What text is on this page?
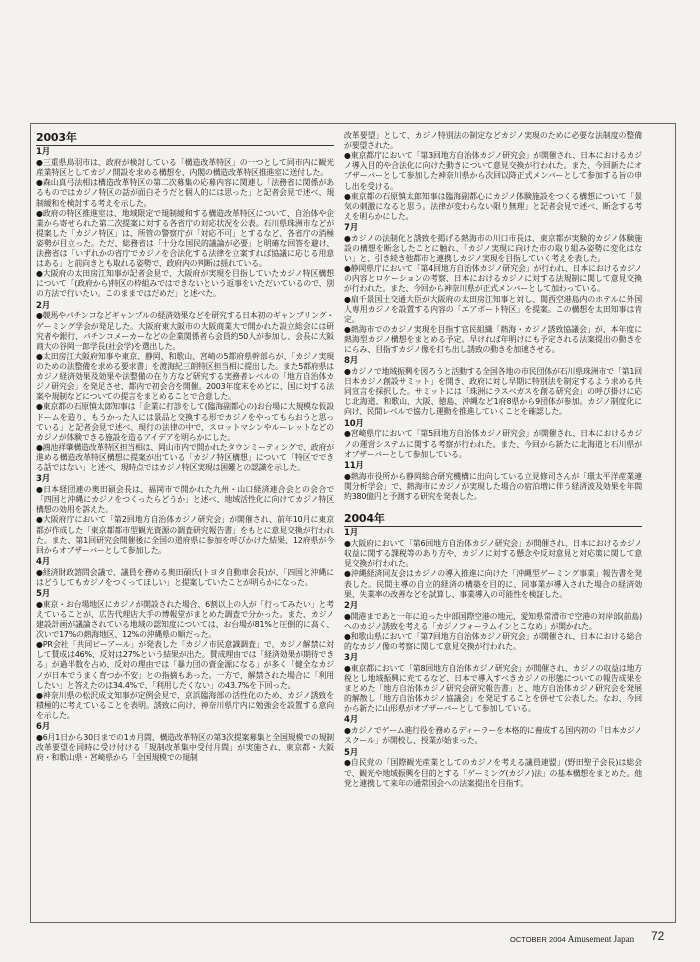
2003年
1月

●三重県鳥羽市は、政府が検討している「構造改革特区」の一つとして同市内に観光産業特区としてカジノ開設を求める構想を、内閣の構造改革特区推進室に送付した。

●森山真弓法相は構造改革特区の第二次募集の応募内容に関連し「法務省に関係があるものではカジノ特区の話が面白そうだと個人的には思った」と記者会見で述べ、規制緩和を検討する考えを示した。

●政府の特区推進室は、地域限定で規制緩和する構造改革特区について、自治体や企業から寄せられた第二次提案に対する各省庁の対応状況を公表。石川県珠洲市などが提案した「カジノ特区」は、所管の警察庁が「対応不可」とするなど、各省庁の消極姿勢が目立った。ただ、総務省は「十分な国民的議論が必要」と明確な回答を避け、法務省は「いずれかの省庁でカジノを合法化する法律を立案すれば協議に応じる用意はある」と前向きとも取れる姿勢で、政府内の判断は揺れている。

●大阪府の太田房江知事が記者会見で、大阪府が実現を目指していたカジノ特区構想について「(政府から)特区の枠組みではできないという返事をいただいているので、別の方法で行いたい。このままではだめだ」と述べた。

2月

●競馬やパチンコなどギャンブルの経済効果などを研究する日本初のギャンブリング・ゲーミング学会が発足した。大阪府東大阪市の大阪商業大で開かれた設立総会には研究者や銀行、パチンコメーカーなどの企業関係者ら会員約50人が参加し、会長に大阪商大の谷岡一郎学長(社会学)を選出した。

●太田房江大阪府知事や東京、静岡、和歌山、宮崎の5都府県幹部らが、「カジノ実現のための法整備を求める要求書」を渡海紀三朗特区担当相に提出した。また5都府県はカジノ経済効果及効果や法整備の在り方など研究する実務者レベルの「地方自治体カジノ研究会」を発足させ、都内で初会合を開催。2003年度末をめどに、国に対する法案や規制などについての提言をまとめることで合意した。

●東京都の石原慎太郎知事は「企業に打診をして(臨海副都心の)お台場に大規模な仮設ドームを造り、もうかった人には景品と交換する形でカジノをやってもらおうと思っている」と記者会見で述べ、現行の法律の中で、スロットマシンやルーレットなどのカジノが体験できる施設を造るアイデアを明らかにした。

●鴻池祥肇構造改革特区担当相は、岡山市内で開かれたタウンミーティングで、政府が進める構造改革特区構想に提案が出ている「カジノ特区構想」について「特区でできる話ではない」と述べ、現時点ではカジノ特区実現は困難との認識を示した。

3月

●日本経団連の奥田碩会長は、福岡市で開かれた九州・山口経済連合会との会合で「四国と沖縄にカジノをつくったらどうか」と述べ、地域活性化に向けてカジノ特区構想の効用を訴えた。

●大阪府庁において「第2回地方自治体カジノ研究会」が開催され、前年10月に東京都が作成した「東京都都市型観光資源の調査研究報告書」をもとに意見交換が行われた。また、第1回研究会開催後に全国の道府県に参加を呼びかけた結果、12府県が今回からオブザーバーとして参加した。

4月

●経済財政諮問会議で、議員を務める奥田碩氏(トヨタ自動車会長)が、「四国と沖縄にはどうしてもカジノをつくってほしい」と提案していたことが明らかになった。

5月

●東京・お台場地区にカジノが開設された場合、6割以上の人が「行ってみたい」と考えていることが、広告代理店大手の博報堂がまとめた調査で分かった。また、カジノ建設計画が議論されている地域の認知度については、お台場が81%と圧倒的に高く、次いで17%の熱海地区、12%の沖縄県の順だった。

●PR会社「共同ピーアール」が発表した「カジノ市民意識調査」で、カジノ解禁に対して賛成は46%、反対は27%という結果が出た。賛成理由では「経済効果が期待できる」が過半数を占め、反対の理由では「暴力団の資金源になる」が多く「健全なカジノが日本でうまく育つか不安」との指摘もあった。一方で、解禁された場合に「利用したい」と答えたのは34.4%で、「利用したくない」の43.7%を下回った。

●神奈川県の松沢成文知事が定例会見で、京浜臨海部の活性化のため、カジノ誘致を積極的に考えていることを表明。誘致に向け、神奈川県庁内に勉強会を設置する意向を示した。

6月

●6月1日から30日までの1カ月間、構造改革特区の第3次提案募集と全国規模での規制改革要望を同時に受け付ける「規制改革集中受付月間」が実施され、東京都・大阪府・和歌山県・宮崎県から「全国規模での規制

改革要望」として、カジノ特別法の制定などカジノ実現のために必要な法制度の整備が要望された。

●東京都庁において「第3回地方自治体カジノ研究会」が開催され、日本におけるカジノ導入目的や合法化に向けた動きについて意見交換が行われた。また、今回新たにオブザーバーとして参加した神奈川県から次回以降正式メンバーとして参加する旨の申し出を受ける。

●東京都の石原慎太郎知事は臨海副都心にカジノ体験施設をつくる構想について「景気の刺激になると思う。法律が変わらない限り無理」と記者会見で述べ、断念する考えを明らかにした。

7月

●カジノの法制化と誘致を掲げる熱海市の川口市長は、東京都が実験的カジノ体験施設の構想を断念したことに触れ、「カジノ実現に向けた市の取り組み姿勢に変化はない」と、引き続き他都市と連携しカジノ実現を目指していく考えを表した。

●静岡県庁において「第4回地方自治体カジノ研究会」が行われ、日本におけるカジノの内容とロケーションの考察、日本におけるカジノに対する法規制に関して意見交換が行われた。また、今回から神奈川県が正式メンバーとして加わっている。

●扇千景国土交通大臣が大阪府の太田房江知事と対し、関西空港島内のホテルに外国人専用カジノを設置する内容の「エアポート特区」を提案。この構想を太田知事は肯定。

●熱海市でのカジノ実現を目指す官民組織「熱海・カジノ誘致協議会」が、本年度に熱海型カジノ構想をまとめる予定。早ければ年明けにも予定される法案提出の動きをにらみ、目指すカジノ像を打ち出し誘致の動きを加速させる。

8月

●カジノで地域振興を図ろうと活動する全国各地の市民団体が石川県珠洲市で「第1回日本カジノ創設サミット」を開き、政府に対し早期に特別法を制定するよう求める共同宣言を採択した。サミットには「珠洲にラスベガスを創る研究会」の呼び掛けに応じ北海道、和歌山、大阪、徳島、沖縄など1府8県から9団体が参加。カジノ制度化に向け、民間レベルで協力し運動を推進していくことを確認した。

10月

●宮崎県庁において「第5回地方自治体カジノ研究会」が開催され、日本におけるカジノの運営システムに関する考察が行われた。また、今回から新たに北海道と石川県がオブザーバーとして参加している。

11月

●熱海市役所から静岡総合研究機構に出向している立見修司さんが「環太平洋産業連関分析学会」で、熱海市にカジノが実現した場合の宿泊増に伴う経済波及効果を年間約380億円と予測する研究を発表した。

2004年
1月

●大阪府において「第6回地方自治体カジノ研究会」が開催され、日本におけるカジノ収益に関する課税等のあり方や、カジノに対する懸念や反対意見と対応策に関して意見交換が行われた。

●沖縄経済同友会はカジノの導入推進に向けた「沖縄型ゲーミング事業」報告書を発表した。民間主導の自立的経済の構築を目的に、同事業が導入された場合の経済効果、失業率の改善などを試算し、事業導入の可能性を検証した。

2月

●開港まであと一年に迫った中部国際空港の地元、愛知県常滑市で空港の対岸部(前島)へのカジノ誘致を考える「カジノフォーラムインとこなめ」が開かれた。

●和歌山県において「第7回地方自治体カジノ研究会」が開催され、日本における総合的なカジノ像の考察に関して意見交換が行われた。

3月

●東京都において「第8回地方自治体カジノ研究会」が開催され、カジノの収益は地方税とし地域振興に充てるなど、日本で導入すべきカジノの形態についての報告成果をまとめた「地方自治体カジノ研究会研究報告書」と、地方自治体カジノ研究会を発展的解散し「地方自治体カジノ協議会」を発足することを併せて公表した。なお、今回から新たに山形県がオブザーバーとして参加している。

4月

●カジノでゲーム進行役を務めるディーラーを本格的に養成する国内初の「日本カジノスクール」が開校し、授業が始まった。

5月

●自民党の「国際観光産業としてのカジノを考える議員連盟」(野田聖子会長)は総会で、観光や地域振興を目的とする「ゲーミング(カジノ)法」の基本構想をまとめた。他党と連携して来年の通常国会への法案提出を目指す。

OCTOBER 2004 Amusement Japan 72
